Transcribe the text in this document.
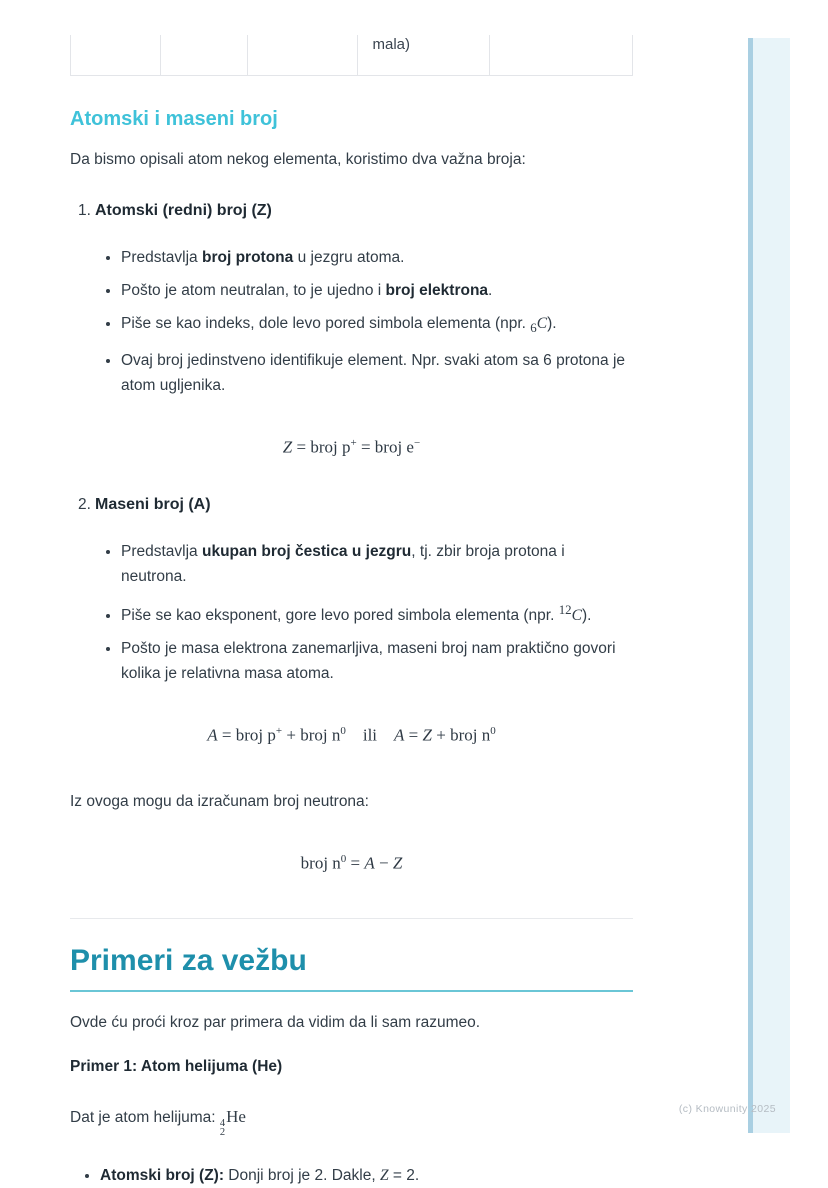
mala)
Atomski i maseni broj

Da bismo opisali atom nekog elementa, koristimo dva važna broja:

1. Atomski (redni) broj (Z)
• Predstavlja broj protona u jezgru atoma.
• Pošto je atom neutralan, to je ujedno i broj elektrona.
• Piše se kao indeks, dole levo pored simbola elementa (npr. $_6$C).
• Ovaj broj jedinstveno identifikuje element. Npr. svaki atom sa 6 protona je atom ugljenika.
Z = broj p+ = broj e−
2. Maseni broj (A)
• Predstavlja ukupan broj čestica u jezgru, tj. zbir broja protona i neutrona.
• Piše se kao eksponent, gore levo pored simbola elementa (npr. $^{12}$C).
• Pošto je masa elektrona zanemarljiva, maseni broj nam praktično govori kolika je relativna masa atoma.
A = broj p+ + broj $n^0$ ili A = Z + broj $n^0$

Iz ovoga mogu da izračunam broj neutrona:

broj $n^0 = A - Z$
Primeri za vežbu

Ovde ću proći kroz par primera da vidim da li sam razumeo.

Primer 1: Atom helijuma (He)

Dat je atom helijuma: 4
2
He

• Atomski broj (Z): Donji broj je 2. Dakle, Z = 2.
(c) Knowunity 2025
